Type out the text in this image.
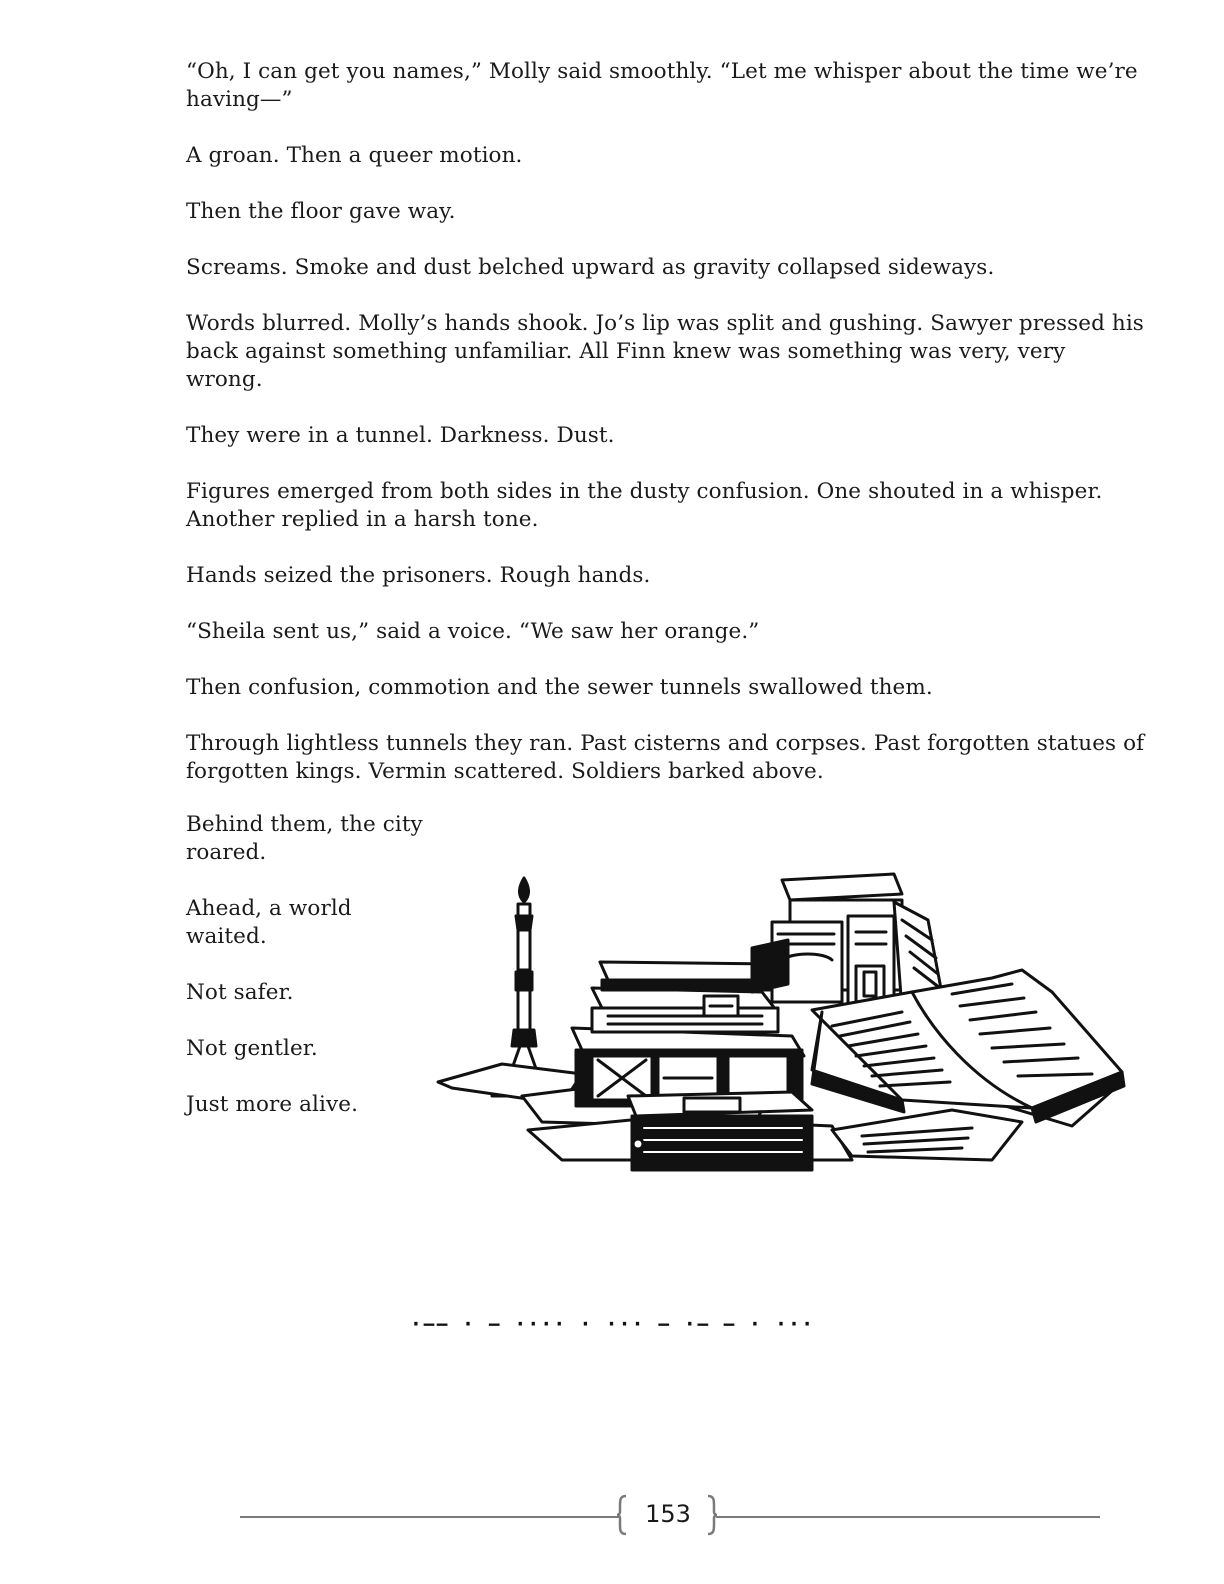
“Oh, I can get you names,” Molly said smoothly. “Let me whisper about the time we’re having—”

A groan. Then a queer motion.

Then the floor gave way.

Screams. Smoke and dust belched upward as gravity collapsed sideways.

Words blurred. Molly’s hands shook. Jo’s lip was split and gushing. Sawyer pressed his back against something unfamiliar. All Finn knew was something was very, very wrong.

They were in a tunnel. Darkness. Dust.

Figures emerged from both sides in the dusty confusion. One shouted in a whisper. Another replied in a harsh tone.

Hands seized the prisoners. Rough hands.

“Sheila sent us,” said a voice. “We saw her orange.”

Then confusion, commotion and the sewer tunnels swallowed them.

Through lightless tunnels they ran. Past cisterns and corpses. Past forgotten statues of forgotten kings. Vermin scattered. Soldiers barked above.

Behind them, the city roared.

Ahead, a world waited.

Not safer.

Not gentler.

Just more alive.

·−− · − ···· · ··· − ·− − · ···
153
